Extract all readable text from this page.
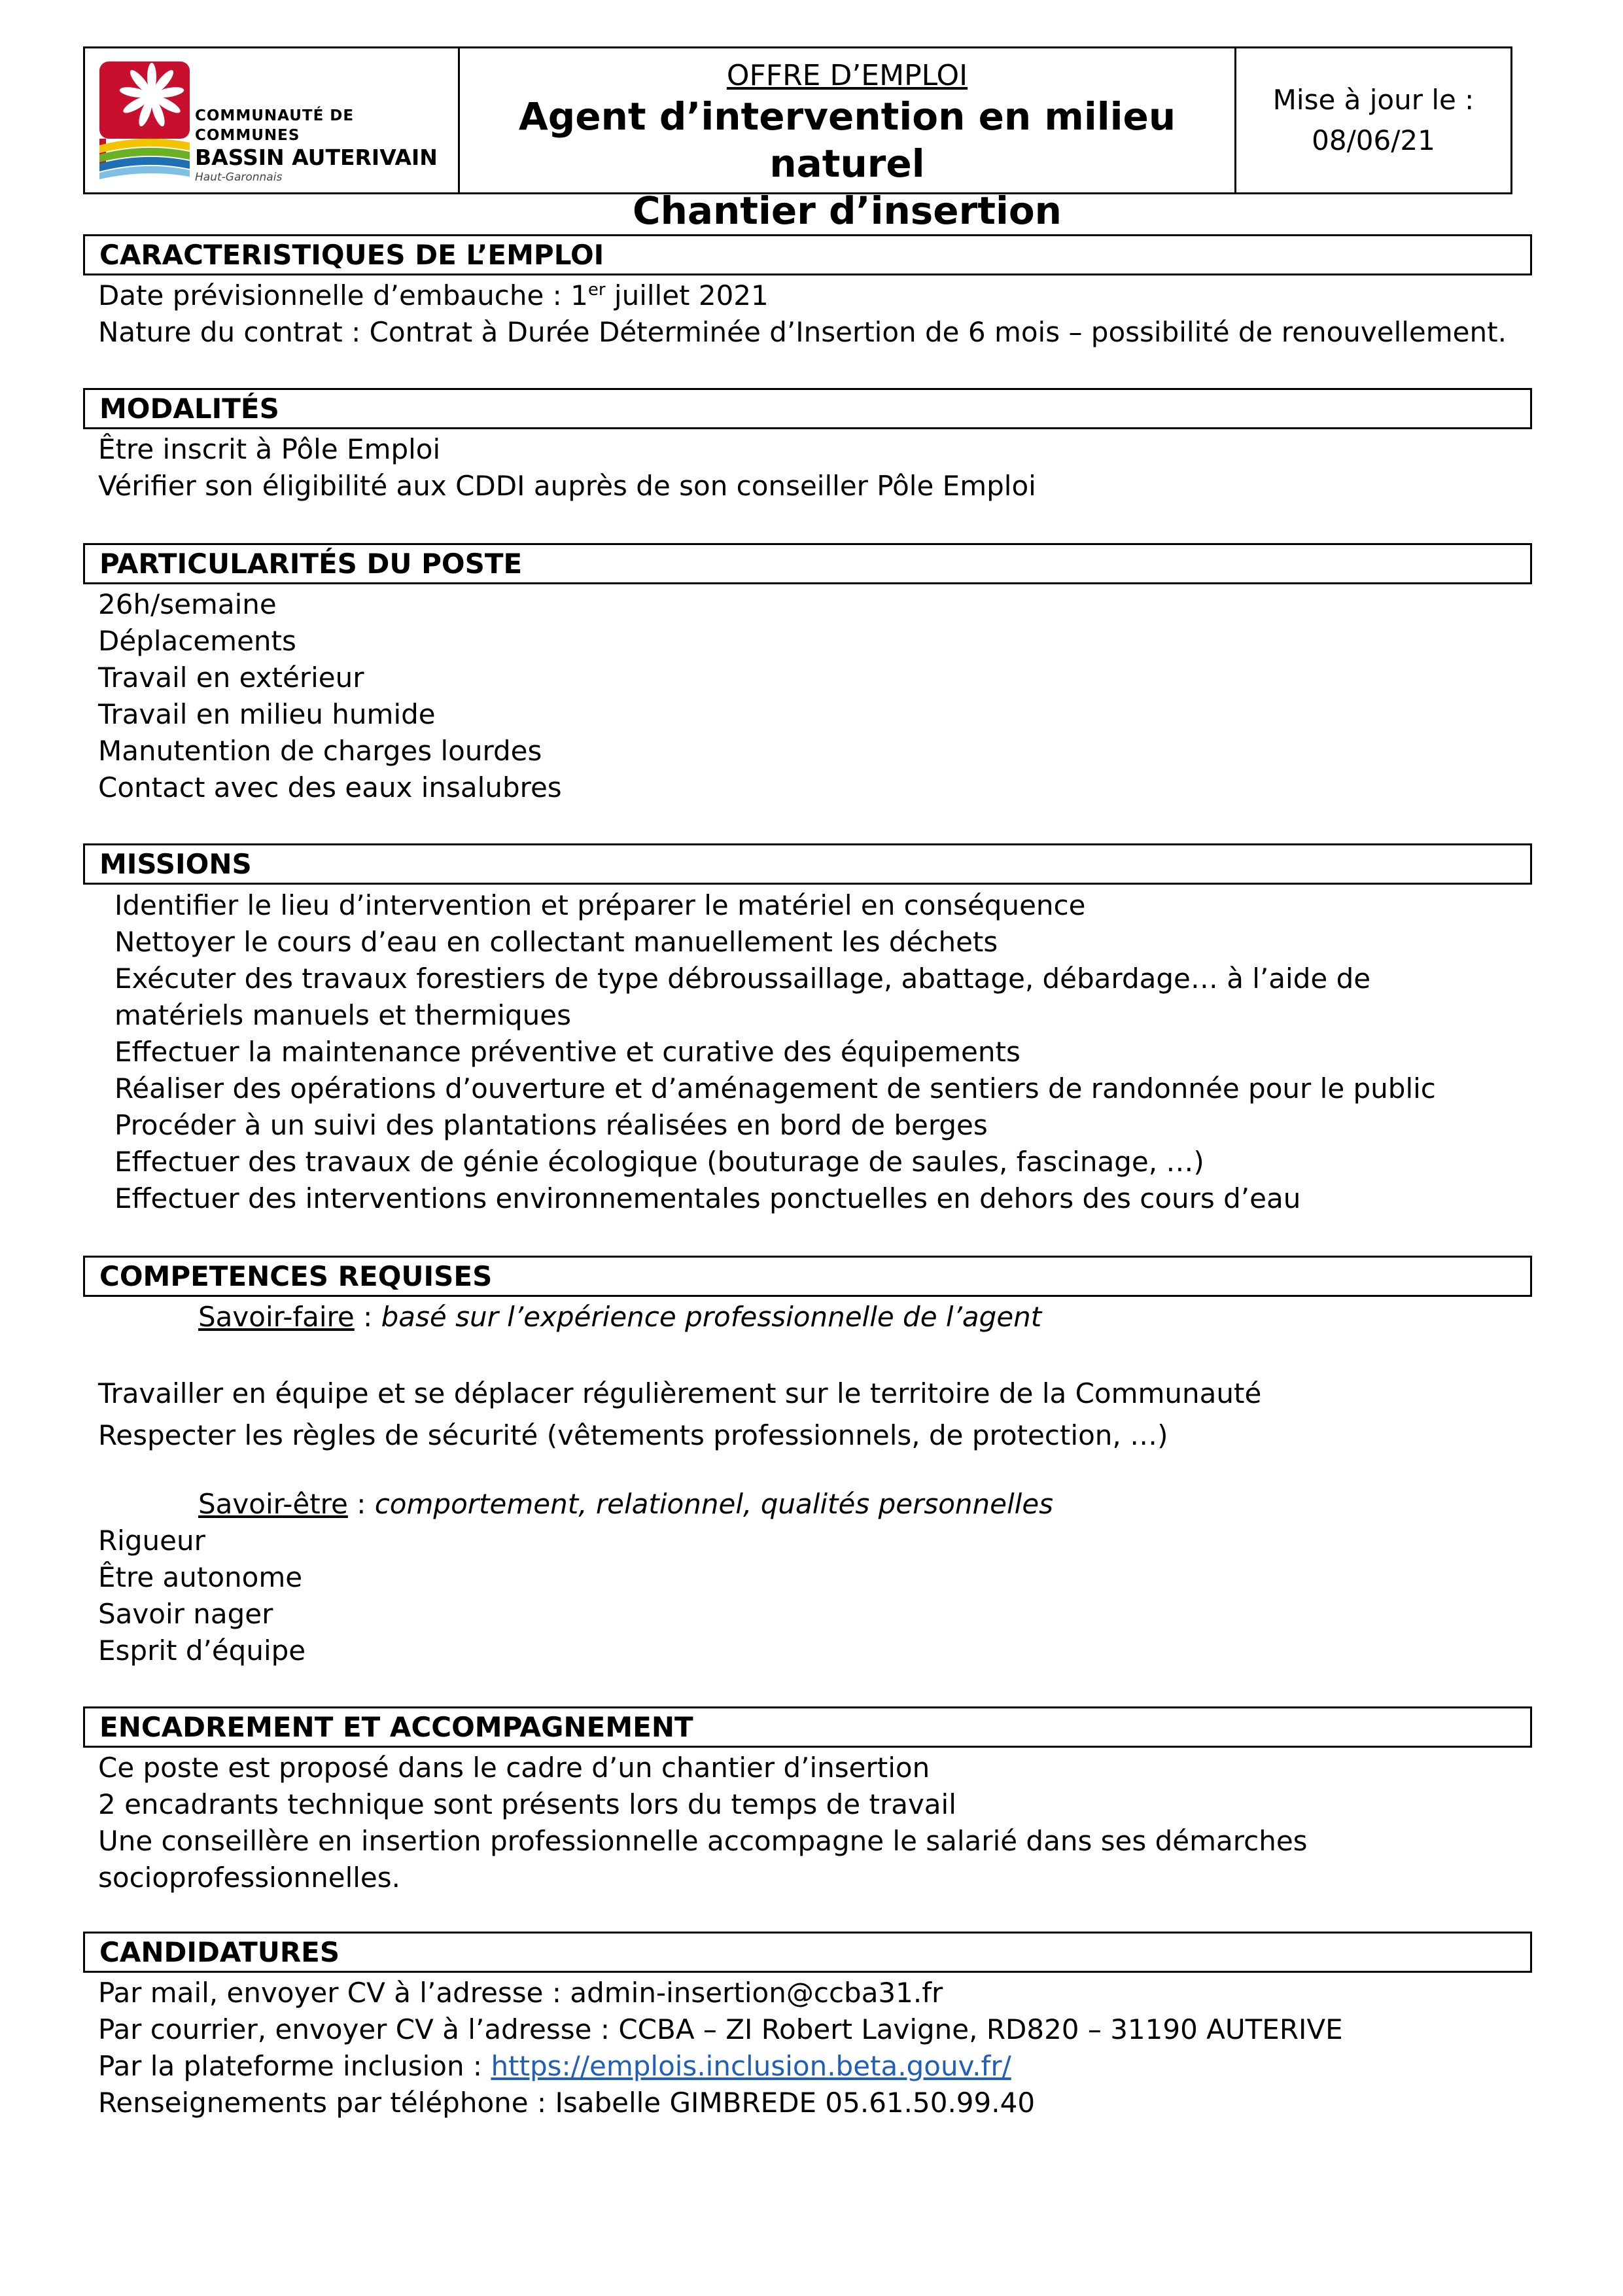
COMMUNAUTÉ DE COMMUNES
BASSIN AUTERIVAIN
Haut-Garonnais
OFFRE D’EMPLOI
Agent d’intervention en milieu naturel
Chantier d’insertion
Mise à jour le :
08/06/21
CARACTERISTIQUES DE L’EMPLOI
Date prévisionnelle d’embauche : 1er juillet 2021
Nature du contrat : Contrat à Durée Déterminée d’Insertion de 6 mois – possibilité de renouvellement.
MODALITÉS
Être inscrit à Pôle Emploi
Vérifier son éligibilité aux CDDI auprès de son conseiller Pôle Emploi
PARTICULARITÉS DU POSTE
26h/semaine
Déplacements
Travail en extérieur
Travail en milieu humide
Manutention de charges lourdes
Contact avec des eaux insalubres
MISSIONS
Identifier le lieu d’intervention et préparer le matériel en conséquence
Nettoyer le cours d’eau en collectant manuellement les déchets
Exécuter des travaux forestiers de type débroussaillage, abattage, débardage… à l’aide de matériels manuels et thermiques
Effectuer la maintenance préventive et curative des équipements
Réaliser des opérations d’ouverture et d’aménagement de sentiers de randonnée pour le public
Procéder à un suivi des plantations réalisées en bord de berges
Effectuer des travaux de génie écologique (bouturage de saules, fascinage, …)
Effectuer des interventions environnementales ponctuelles en dehors des cours d’eau
COMPETENCES REQUISES
Savoir-faire : basé sur l’expérience professionnelle de l’agent
Travailler en équipe et se déplacer régulièrement sur le territoire de la Communauté
Respecter les règles de sécurité (vêtements professionnels, de protection, …)
Savoir-être : comportement, relationnel, qualités personnelles
Rigueur
Être autonome
Savoir nager
Esprit d’équipe
ENCADREMENT ET ACCOMPAGNEMENT
Ce poste est proposé dans le cadre d’un chantier d’insertion
2 encadrants technique sont présents lors du temps de travail
Une conseillère en insertion professionnelle accompagne le salarié dans ses démarches
socioprofessionnelles.
CANDIDATURES
Par mail, envoyer CV à l’adresse : admin-insertion@ccba31.fr
Par courrier, envoyer CV à l’adresse : CCBA – ZI Robert Lavigne, RD820 – 31190 AUTERIVE
Par la plateforme inclusion : https://emplois.inclusion.beta.gouv.fr/
Renseignements par téléphone : Isabelle GIMBREDE 05.61.50.99.40
